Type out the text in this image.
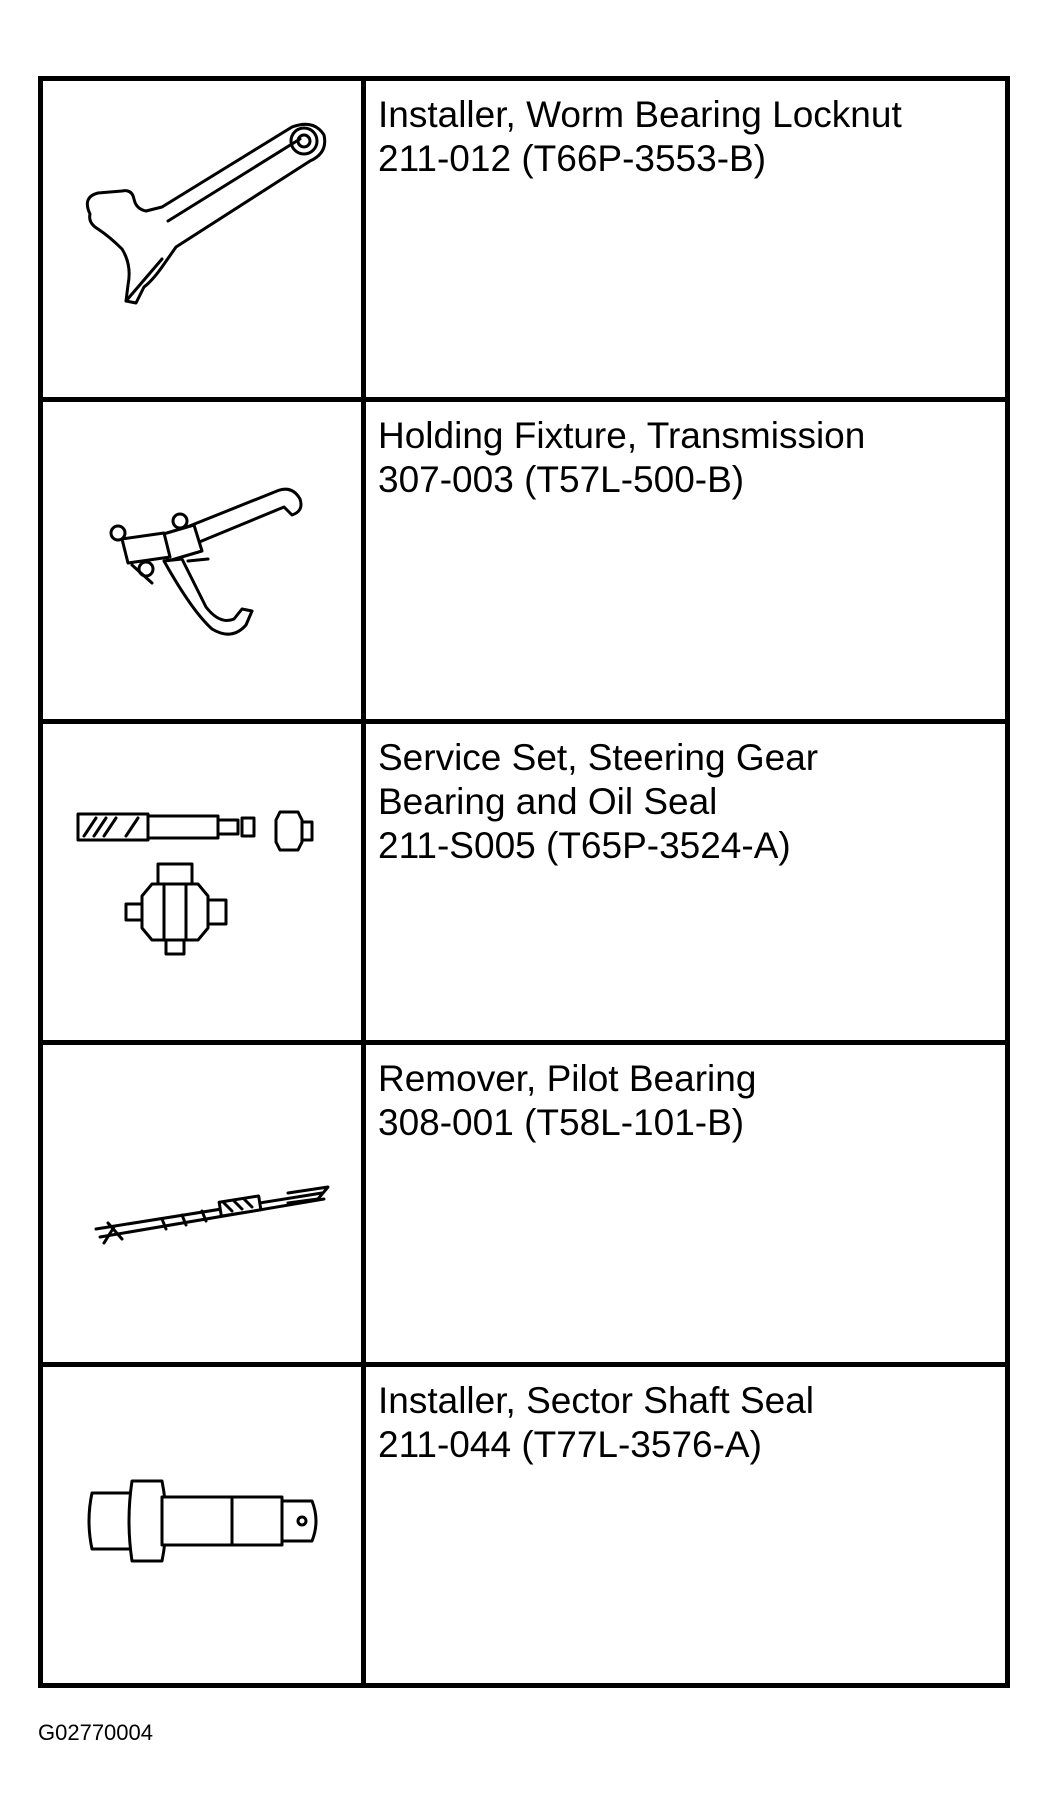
Installer, Worm Bearing Locknut
211-012 (T66P-3553-B)
Holding Fixture, Transmission
307-003 (T57L-500-B)
Service Set, Steering Gear
Bearing and Oil Seal
211-S005 (T65P-3524-A)
Remover, Pilot Bearing
308-001 (T58L-101-B)
Installer, Sector Shaft Seal
211-044 (T77L-3576-A)
G02770004
